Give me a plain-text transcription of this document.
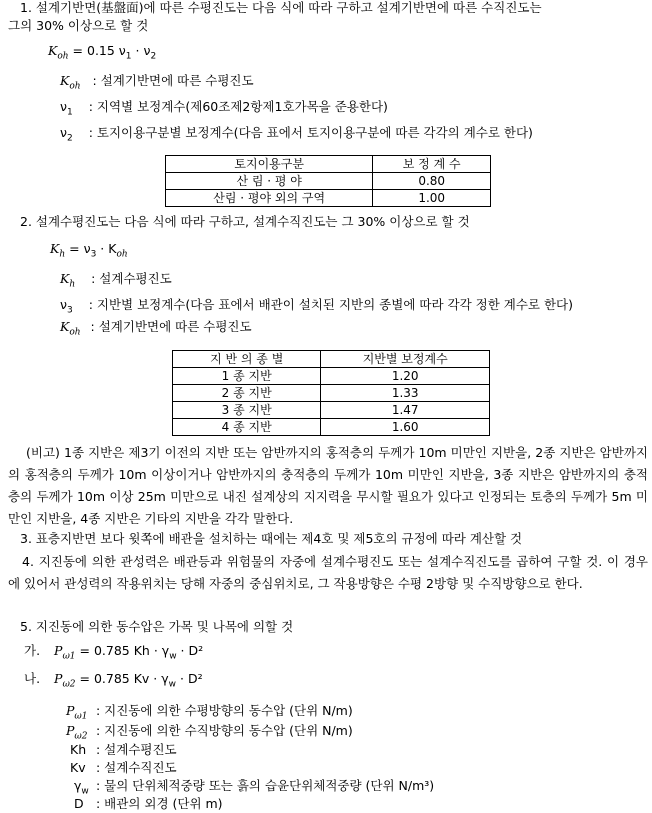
1. 설계기반면(基盤面)에 따른 수평진도는 다음 식에 따라 구하고 설계기반면에 따른 수직진도는
그의 30% 이상으로 할 것
$K_{oh} = 0.15$ $\nu_1 \cdot \nu_2$
$K_{oh}$ : 설계기반면에 따른 수평진도
$\nu_1$ : 지역별 보정계수(제60조제2항제1호가목을 준용한다)
$\nu_2$ : 토지이용구분별 보정계수(다음 표에서 토지이용구분에 따른 각각의 계수로 한다)
토지이용구분	보 정 계 수
산 림 · 평 야	0.80
산림 · 평야 외의 구역	1.00
2. 설계수평진도는 다음 식에 따라 구하고, 설계수직진도는 그 30% 이상으로 할 것
$K_h = \nu_3 \cdot K_{oh}$
$K_h$ : 설계수평진도
$\nu_3$ : 지반별 보정계수(다음 표에서 배관이 설치된 지반의 종별에 따라 각각 정한 계수로 한다)
$K_{oh}$ : 설계기반면에 따른 수평진도
지 반 의 종 별	지반별 보정계수
1 종 지반	1.20
2 종 지반	1.33
3 종 지반	1.47
4 종 지반	1.60
(비고) 1종 지반은 제3기 이전의 지반 또는 암반까지의 홍적층의 두께가 10m 미만인 지반을, 2종 지반은 암반까지의 홍적층의 두께가 10m 이상이거나 암반까지의 충적층의 두께가 10m 미만인 지반을, 3종 지반은 암반까지의 충적층의 두께가 10m 이상 25m 미만으로 내진 설계상의 지지력을 무시할 필요가 있다고 인정되는 토층의 두께가 5m 미만인 지반을, 4종 지반은 기타의 지반을 각각 말한다.
3. 표층지반면 보다 윗쪽에 배관을 설치하는 때에는 제4호 및 제5호의 규정에 따라 계산할 것
4. 지진동에 의한 관성력은 배관등과 위험물의 자중에 설계수평진도 또는 설계수직진도를 곱하여 구할 것. 이 경우에 있어서 관성력의 작용위치는 당해 자중의 중심위치로, 그 작용방향은 수평 2방향 및 수직방향으로 한다.
5. 지진동에 의한 동수압은 가목 및 나목에 의할 것
가. $P_{\omega 1} = 0.785$ $Kh \cdot \gamma_w \cdot D^2$
나. $P_{\omega 2} = 0.785$ $Kv \cdot \gamma_w \cdot D^2$
$P_{\omega 1}$ : 지진동에 의한 수평방향의 동수압 (단위 N/m)
$P_{\omega 2}$ : 지진동에 의한 수직방향의 동수압 (단위 N/m)
Kh : 설계수평진도
Kv : 설계수직진도
$\gamma_w$ : 물의 단위체적중량 또는 흙의 습윤단위체적중량 (단위 N/m³)
D : 배관의 외경 (단위 m)
